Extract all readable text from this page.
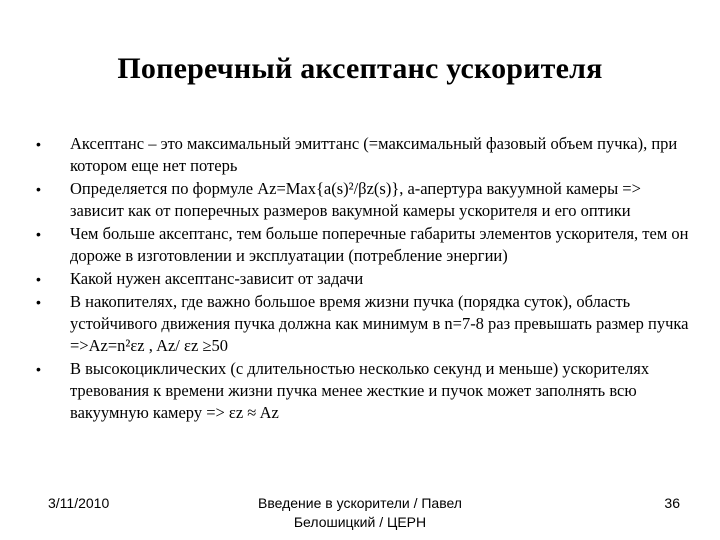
Поперечный аксептанс ускорителя
•	Аксептанс – это максимальный эмиттанс (=максимальный фазовый объем пучка), при котором еще нет потерь
•	Определяется по формуле Az=Max{a(s)²/βz(s)}, a-апертура вакуумной камеры => зависит как от поперечных размеров вакумной камеры ускорителя и его оптики
•	Чем больше аксептанс, тем больше поперечные габариты элементов ускорителя, тем он дороже в изготовлении и эксплуатации (потребление энергии)
•	Какой нужен аксептанс-зависит от задачи
•	В накопителях, где важно большое время жизни пучка (порядка суток), область устойчивого движения пучка должна как минимум в n=7-8 раз превышать размер пучка =>Az=n²εz , Az/ εz ≥50
•	В высокоциклических (с длительностью несколько секунд и меньше) ускорителях тревования к времени жизни пучка менее жесткие и пучок может заполнять всю вакуумную камеру => εz ≈ Az
3/11/2010	Введение в ускорители / Павел Белошицкий / ЦЕРН
36
